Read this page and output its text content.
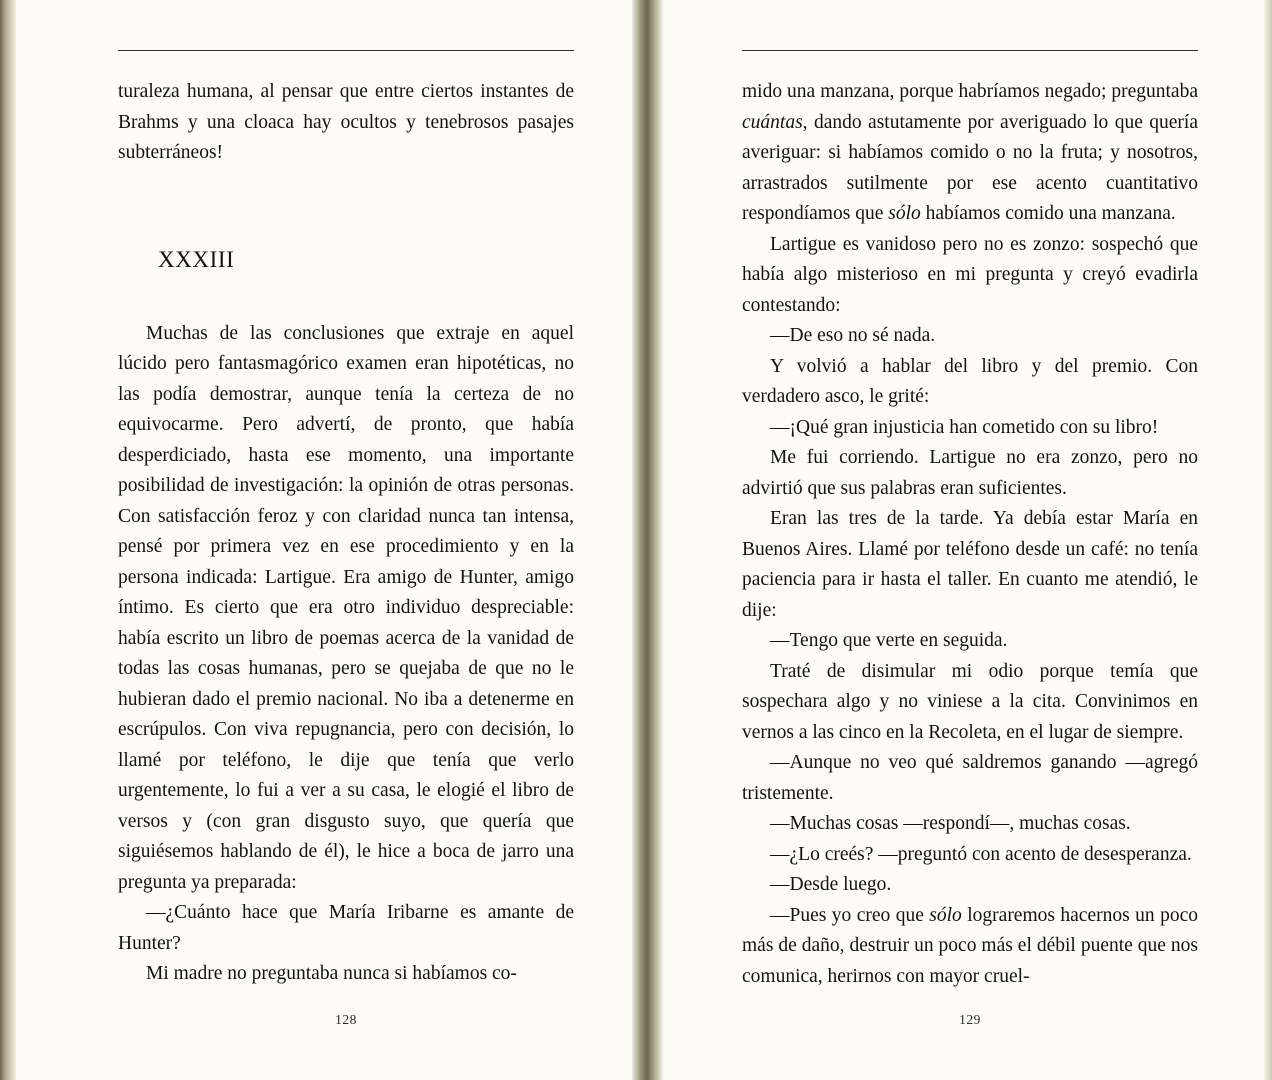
turaleza humana, al pensar que entre ciertos instantes de Brahms y una cloaca hay ocultos y tenebrosos pasajes subterráneos!

XXXIII

Muchas de las conclusiones que extraje en aquel lúcido pero fantasmagórico examen eran hipotéticas, no las podía demostrar, aunque tenía la certeza de no equivocarme. Pero advertí, de pronto, que había desperdiciado, hasta ese momento, una importante posibilidad de investigación: la opinión de otras personas. Con satisfacción feroz y con claridad nunca tan intensa, pensé por primera vez en ese procedimiento y en la persona indicada: Lartigue. Era amigo de Hunter, amigo íntimo. Es cierto que era otro individuo despreciable: había escrito un libro de poemas acerca de la vanidad de todas las cosas humanas, pero se quejaba de que no le hubieran dado el premio nacional. No iba a detenerme en escrúpulos. Con viva repugnancia, pero con decisión, lo llamé por teléfono, le dije que tenía que verlo urgentemente, lo fui a ver a su casa, le elogié el libro de versos y (con gran disgusto suyo, que quería que siguiésemos hablando de él), le hice a boca de jarro una pregunta ya preparada:

—¿Cuánto hace que María Iribarne es amante de Hunter?

Mi madre no preguntaba nunca si habíamos co-

128

mido una manzana, porque habríamos negado; preguntaba cuántas, dando astutamente por averiguado lo que quería averiguar: si habíamos comido o no la fruta; y nosotros, arrastrados sutilmente por ese acento cuantitativo respondíamos que sólo habíamos comido una manzana.

Lartigue es vanidoso pero no es zonzo: sospechó que había algo misterioso en mi pregunta y creyó evadirla contestando:

—De eso no sé nada.

Y volvió a hablar del libro y del premio. Con verdadero asco, le grité:

—¡Qué gran injusticia han cometido con su libro!

Me fui corriendo. Lartigue no era zonzo, pero no advirtió que sus palabras eran suficientes.

Eran las tres de la tarde. Ya debía estar María en Buenos Aires. Llamé por teléfono desde un café: no tenía paciencia para ir hasta el taller. En cuanto me atendió, le dije:

—Tengo que verte en seguida.

Traté de disimular mi odio porque temía que sospechara algo y no viniese a la cita. Convinimos en vernos a las cinco en la Recoleta, en el lugar de siempre.

—Aunque no veo qué saldremos ganando —agregó tristemente.

—Muchas cosas —respondí—, muchas cosas.

—¿Lo creés? —preguntó con acento de desesperanza.

—Desde luego.

—Pues yo creo que sólo lograremos hacernos un poco más de daño, destruir un poco más el débil puente que nos comunica, herirnos con mayor cruel-

129
